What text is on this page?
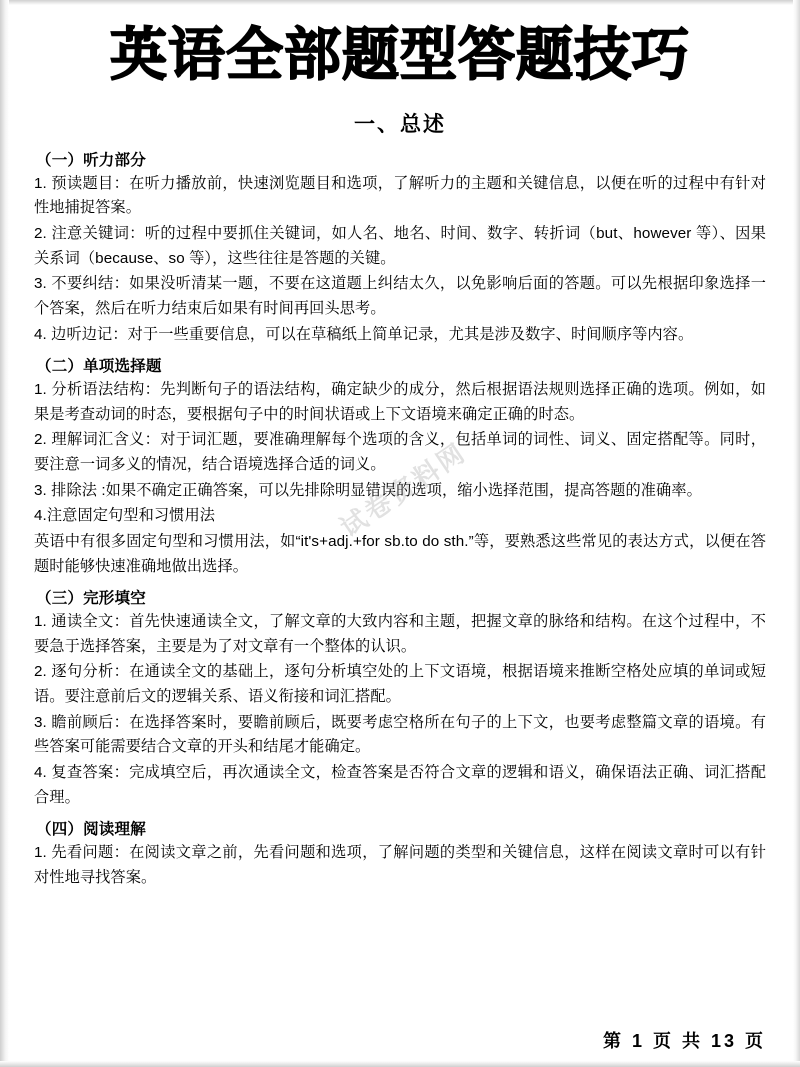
英语全部题型答题技巧
一、总述
（一）听力部分

1. 预读题目：在听力播放前，快速浏览题目和选项，了解听力的主题和关键信息，以便在听的过程中有针对性地捕捉答案。

2. 注意关键词：听的过程中要抓住关键词，如人名、地名、时间、数字、转折词（but、however 等）、因果关系词（because、so 等），这些往往是答题的关键。

3. 不要纠结：如果没听清某一题，不要在这道题上纠结太久，以免影响后面的答题。可以先根据印象选择一个答案，然后在听力结束后如果有时间再回头思考。

4. 边听边记：对于一些重要信息，可以在草稿纸上简单记录，尤其是涉及数字、时间顺序等内容。

（二）单项选择题

1. 分析语法结构：先判断句子的语法结构，确定缺少的成分，然后根据语法规则选择正确的选项。例如，如果是考查动词的时态，要根据句子中的时间状语或上下文语境来确定正确的时态。

2. 理解词汇含义：对于词汇题，要准确理解每个选项的含义，包括单词的词性、词义、固定搭配等。同时，要注意一词多义的情况，结合语境选择合适的词义。

3. 排除法 :如果不确定正确答案，可以先排除明显错误的选项，缩小选择范围，提高答题的准确率。

4.注意固定句型和习惯用法

英语中有很多固定句型和习惯用法，如“it's+adj.+for sb.to do sth.”等，要熟悉这些常见的表达方式，以便在答题时能够快速准确地做出选择。

（三）完形填空

1. 通读全文：首先快速通读全文，了解文章的大致内容和主题，把握文章的脉络和结构。在这个过程中，不要急于选择答案，主要是为了对文章有一个整体的认识。

2. 逐句分析：在通读全文的基础上，逐句分析填空处的上下文语境，根据语境来推断空格处应填的单词或短语。要注意前后文的逻辑关系、语义衔接和词汇搭配。

3. 瞻前顾后：在选择答案时，要瞻前顾后，既要考虑空格所在句子的上下文，也要考虑整篇文章的语境。有些答案可能需要结合文章的开头和结尾才能确定。

4. 复查答案：完成填空后，再次通读全文，检查答案是否符合文章的逻辑和语义，确保语法正确、词汇搭配合理。

（四）阅读理解

1. 先看问题：在阅读文章之前，先看问题和选项，了解问题的类型和关键信息，这样在阅读文章时可以有针对性地寻找答案。

试卷资料网
第 1 页 共 13 页
